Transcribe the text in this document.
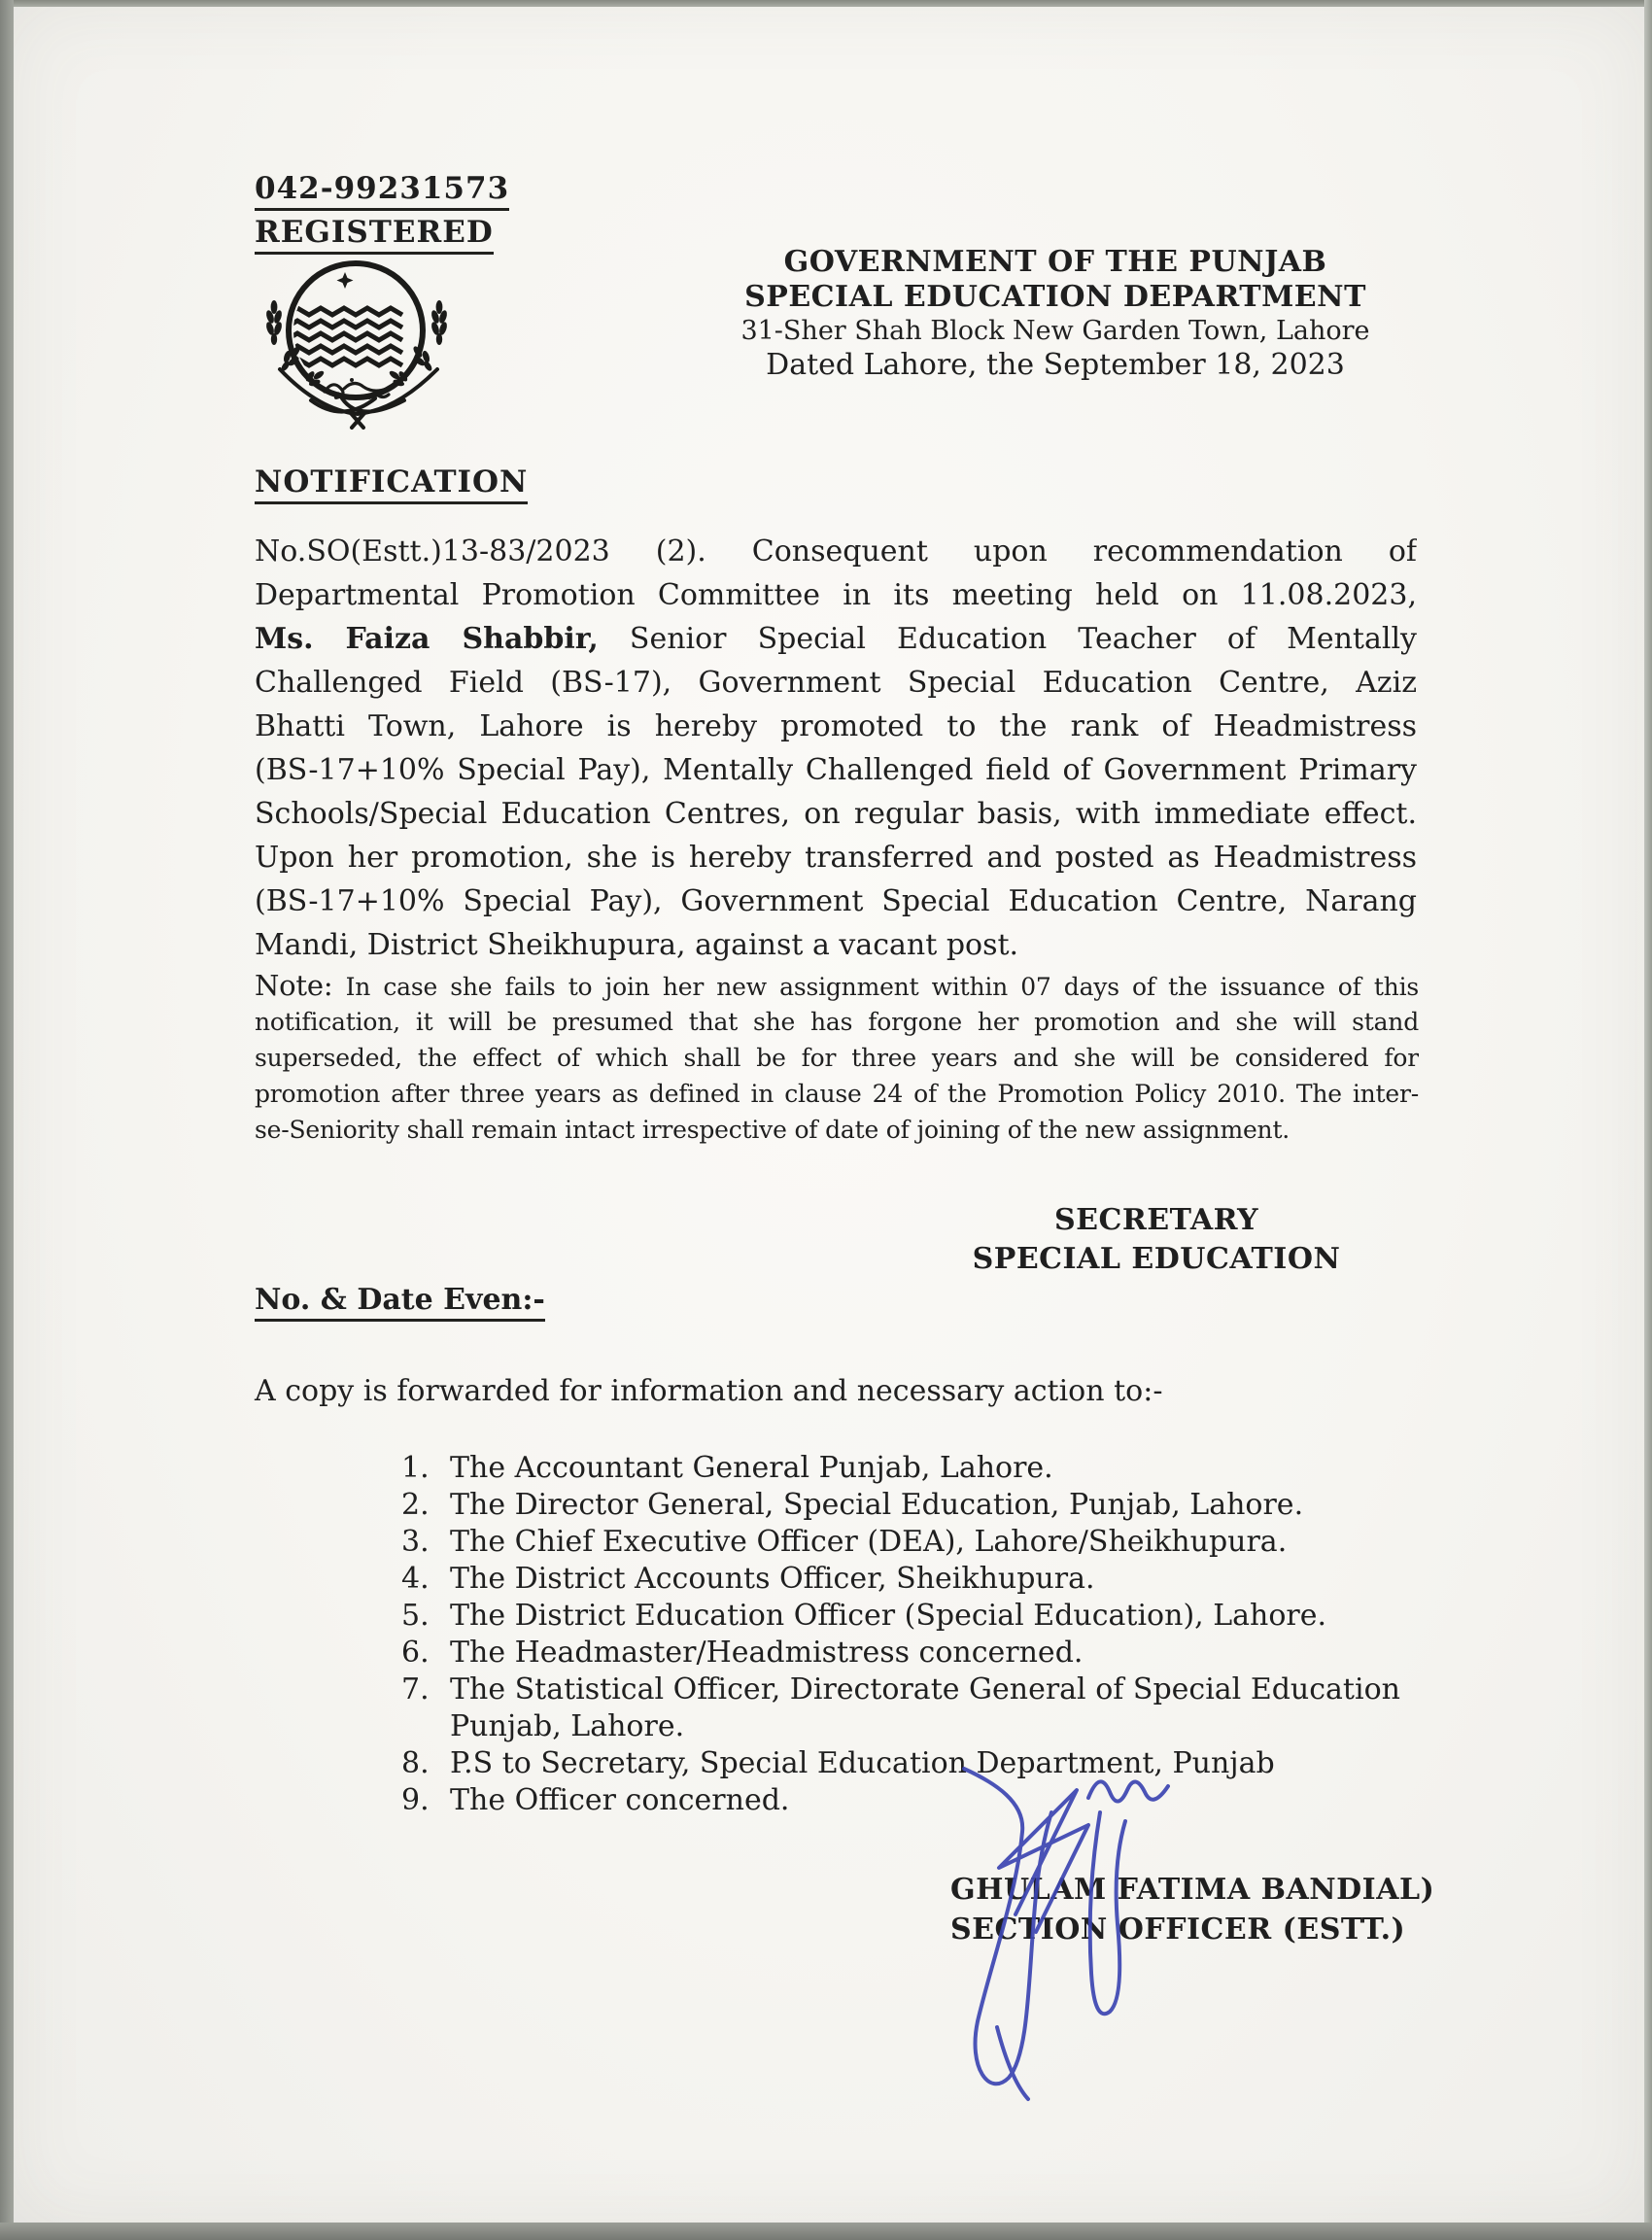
042-99231573
REGISTERED
GOVERNMENT OF THE PUNJAB
SPECIAL EDUCATION DEPARTMENT
31-Sher Shah Block New Garden Town, Lahore
Dated Lahore, the September 18, 2023
NOTIFICATION
No.SO(Estt.)13-83/2023 (2). Consequent upon recommendation of
Departmental Promotion Committee in its meeting held on 11.08.2023,
Ms. Faiza Shabbir, Senior Special Education Teacher of Mentally
Challenged Field (BS-17), Government Special Education Centre, Aziz
Bhatti Town, Lahore is hereby promoted to the rank of Headmistress
(BS-17+10% Special Pay), Mentally Challenged field of Government Primary
Schools/Special Education Centres, on regular basis, with immediate effect.
Upon her promotion, she is hereby transferred and posted as Headmistress
(BS-17+10% Special Pay), Government Special Education Centre, Narang
Mandi, District Sheikhupura, against a vacant post.
Note: In case she fails to join her new assignment within 07 days of the issuance of this
notification, it will be presumed that she has forgone her promotion and she will stand
superseded, the effect of which shall be for three years and she will be considered for
promotion after three years as defined in clause 24 of the Promotion Policy 2010. The inter-
se-Seniority shall remain intact irrespective of date of joining of the new assignment.
SECRETARY
SPECIAL EDUCATION
No. & Date Even:-
A copy is forwarded for information and necessary action to:-
The Accountant General Punjab, Lahore.
The Director General, Special Education, Punjab, Lahore.
The Chief Executive Officer (DEA), Lahore/Sheikhupura.
The District Accounts Officer, Sheikhupura.
The District Education Officer (Special Education), Lahore.
The Headmaster/Headmistress concerned.
The Statistical Officer, Directorate General of Special Education Punjab, Lahore.
P.S to Secretary, Special Education Department, Punjab
The Officer concerned.
GHULAM FATIMA BANDIAL)
SECTION OFFICER (ESTT.)
